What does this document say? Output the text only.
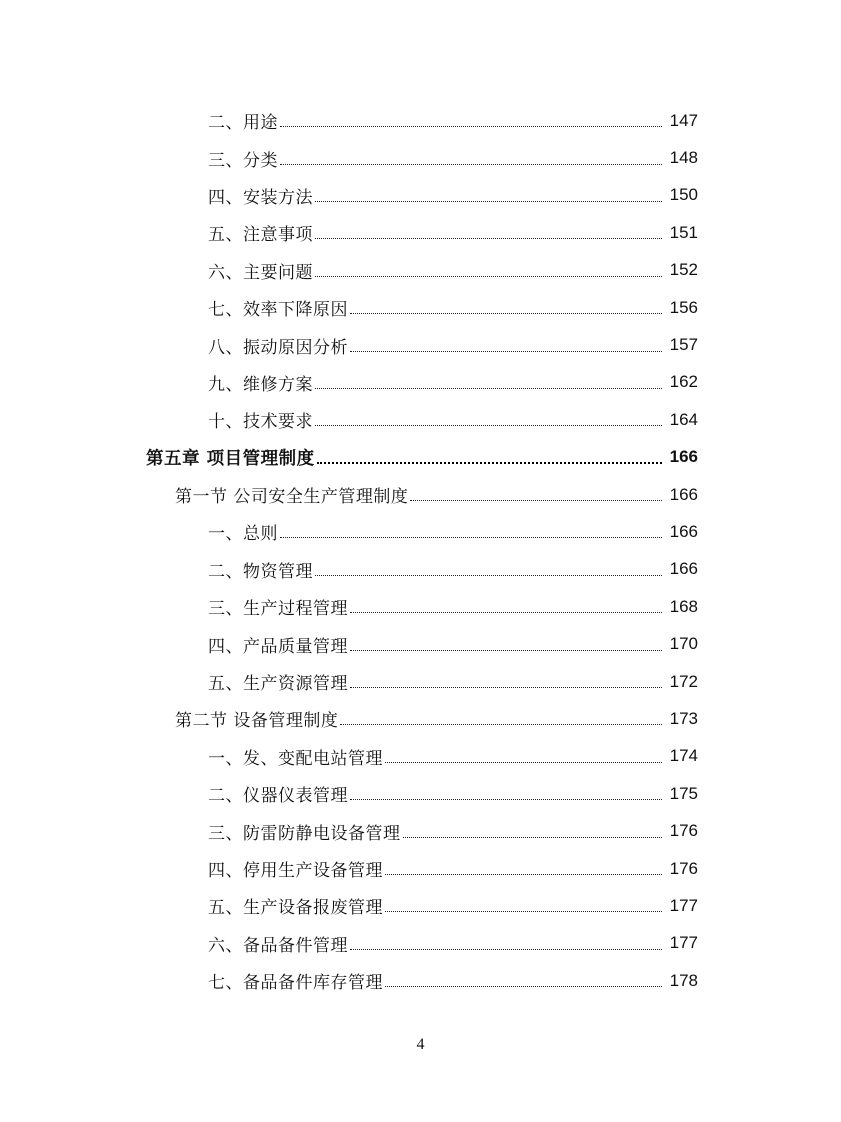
二、用途	147
三、分类	148
四、安装方法	150
五、注意事项	151
六、主要问题	152
七、效率下降原因	156
八、振动原因分析	157
九、维修方案	162
十、技术要求	164
第五章 项目管理制度	166
第一节 公司安全生产管理制度	166
一、总则	166
二、物资管理	166
三、生产过程管理	168
四、产品质量管理	170
五、生产资源管理	172
第二节 设备管理制度	173
一、发、变配电站管理	174
二、仪器仪表管理	175
三、防雷防静电设备管理	176
四、停用生产设备管理	176
五、生产设备报废管理	177
六、备品备件管理	177
七、备品备件库存管理	178
4
